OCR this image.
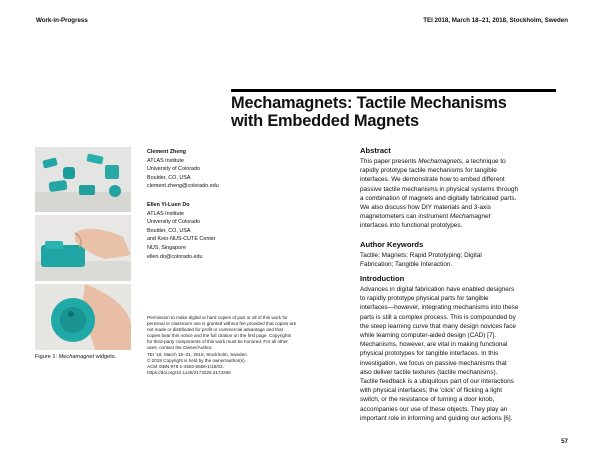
Work-in-Progress	TEI 2018, March 18–21, 2018, Stockholm, Sweden
Mechamagnets: Tactile Mechanisms
with Embedded Magnets
Figure 1: Mechamagnet widgets.
Clement Zheng
ATLAS Institute
University of Colorado
Boulder, CO, USA
clement.zheng@colorado.edu
Ellen Yi-Luen Do
ATLAS Institute
University of Colorado
Boulder, CO, USA
and Keio-NUS-CUTE Center
NUS, Singapore
ellen.do@colorado.edu
Permission to make digital or hard copies of part or all of this work for
personal or classroom use is granted without fee provided that copies are
not made or distributed for profit or commercial advantage and that
copies bear this notice and the full citation on the first page. Copyrights
for third-party components of this work must be honored. For all other
uses, contact the Owner/Author.
TEI '18, March 18–21, 2018, Stockholm, Sweden
© 2018 Copyright is held by the owner/author(s).
ACM ISBN 978-1-4503-5568-1/18/03.
https://doi.org/10.1145/3173225.3173268
Abstract
This paper presents Mechamagnets, a technique to
rapidly prototype tactile mechanisms for tangible
interfaces. We demonstrate how to embed different
passive tactile mechanisms in physical systems through
a combination of magnets and digitally fabricated parts.
We also discuss how DIY materials and 3-axis
magnetometers can instrument Mechamagnet
interfaces into functional prototypes.
Author Keywords
Tactile; Magnets; Rapid Prototyping; Digital
Fabrication; Tangible Interaction.
Introduction
Advances in digital fabrication have enabled designers
to rapidly prototype physical parts for tangible
interfaces—however, integrating mechanisms into these
parts is still a complex process. This is compounded by
the steep learning curve that many design novices face
while learning computer-aided design (CAD) [7].
Mechanisms, however, are vital in making functional
physical prototypes for tangible interfaces. In this
investigation, we focus on passive mechanisms that
also deliver tactile textures (tactile mechanisms).
Tactile feedback is a ubiquitous part of our interactions
with physical interfaces; the 'click' of flicking a light
switch, or the resistance of turning a door knob,
accompanies our use of these objects. They play an
important role in informing and guiding our actions [6].
57
